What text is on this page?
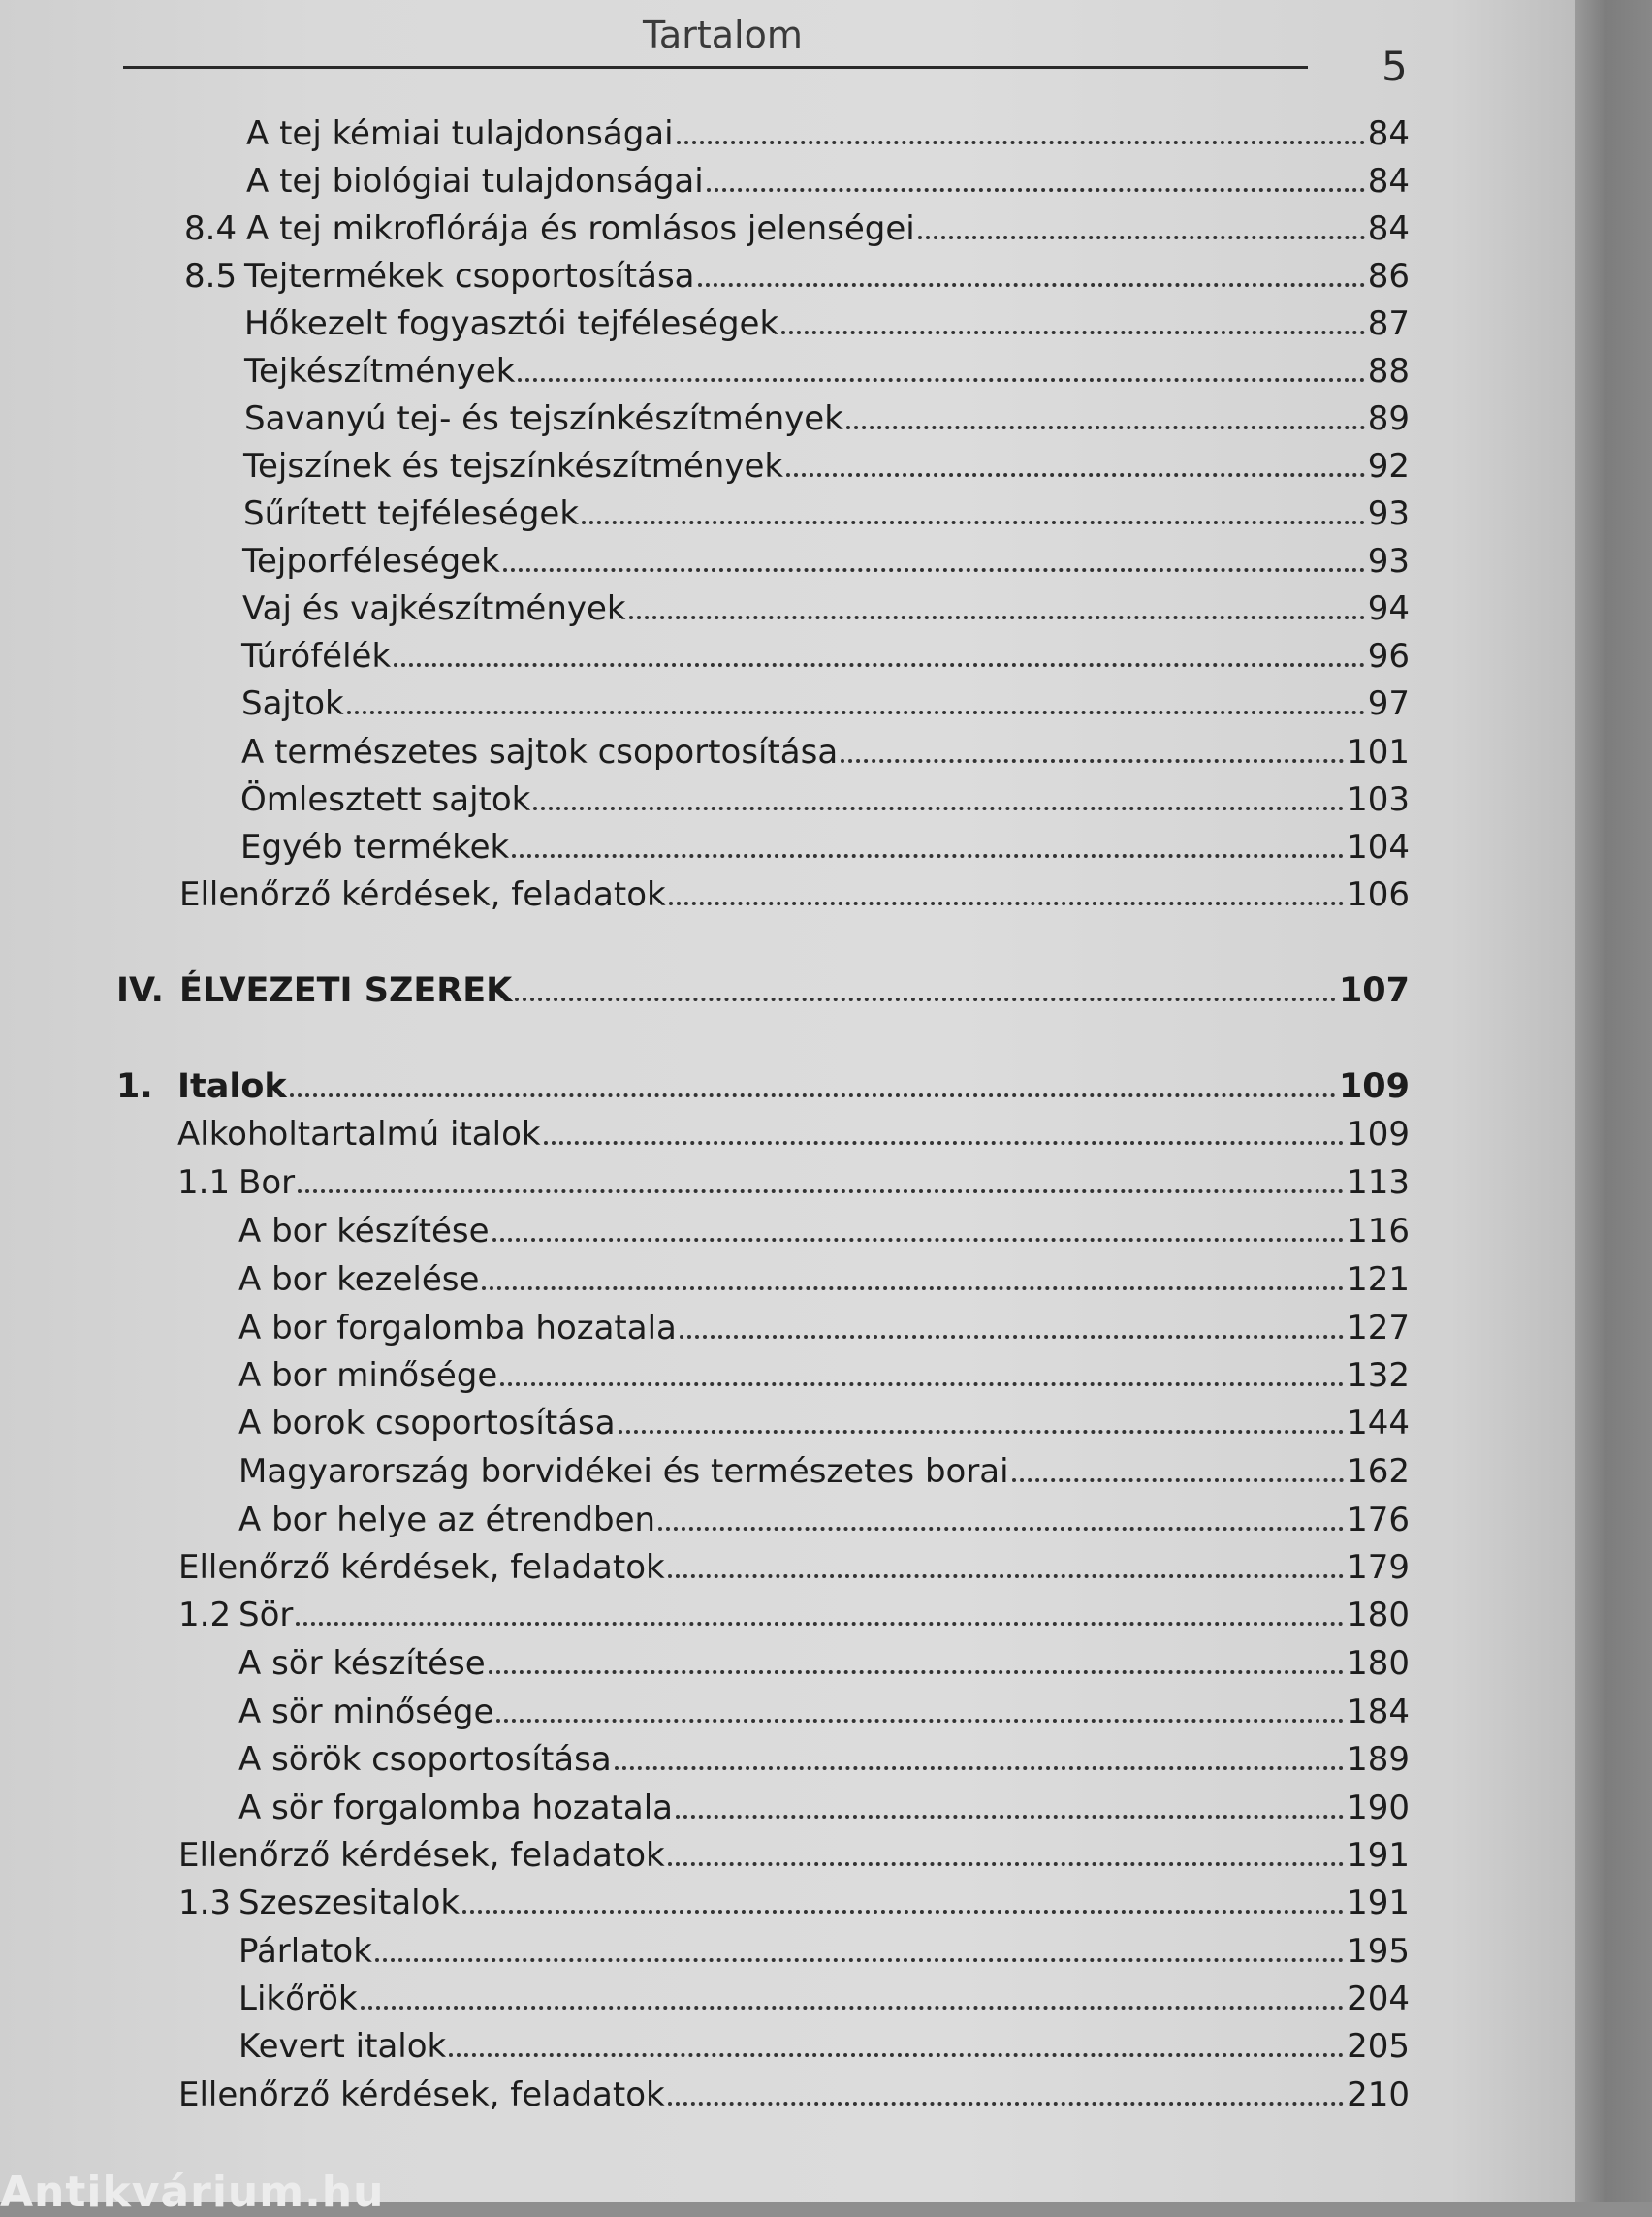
Tartalom
5
A tej kémiai tulajdonságai	84
A tej biológiai tulajdonságai	84
8.4 A tej mikroflórája és romlásos jelenségei	84
8.5 Tejtermékek csoportosítása	86
Hőkezelt fogyasztói tejféleségek	87
Tejkészítmények	88
Savanyú tej- és tejszínkészítmények	89
Tejszínek és tejszínkészítmények	92
Sűrített tejféleségek	93
Tejporféleségek	93
Vaj és vajkészítmények	94
Túrófélék	96
Sajtok	97
A természetes sajtok csoportosítása	101
Ömlesztett sajtok	103
Egyéb termékek	104
Ellenőrző kérdések, feladatok	106
IV. ÉLVEZETI SZEREK	107
1. Italok	109
Alkoholtartalmú italok	109
1.1 Bor	113
A bor készítése	116
A bor kezelése	121
A bor forgalomba hozatala	127
A bor minősége	132
A borok csoportosítása	144
Magyarország borvidékei és természetes borai	162
A bor helye az étrendben	176
Ellenőrző kérdések, feladatok	179
1.2 Sör	180
A sör készítése	180
A sör minősége	184
A sörök csoportosítása	189
A sör forgalomba hozatala	190
Ellenőrző kérdések, feladatok	191
1.3 Szeszesitalok	191
Párlatok	195
Likőrök	204
Kevert italok	205
Ellenőrző kérdések, feladatok	210
Antikvárium.hu
